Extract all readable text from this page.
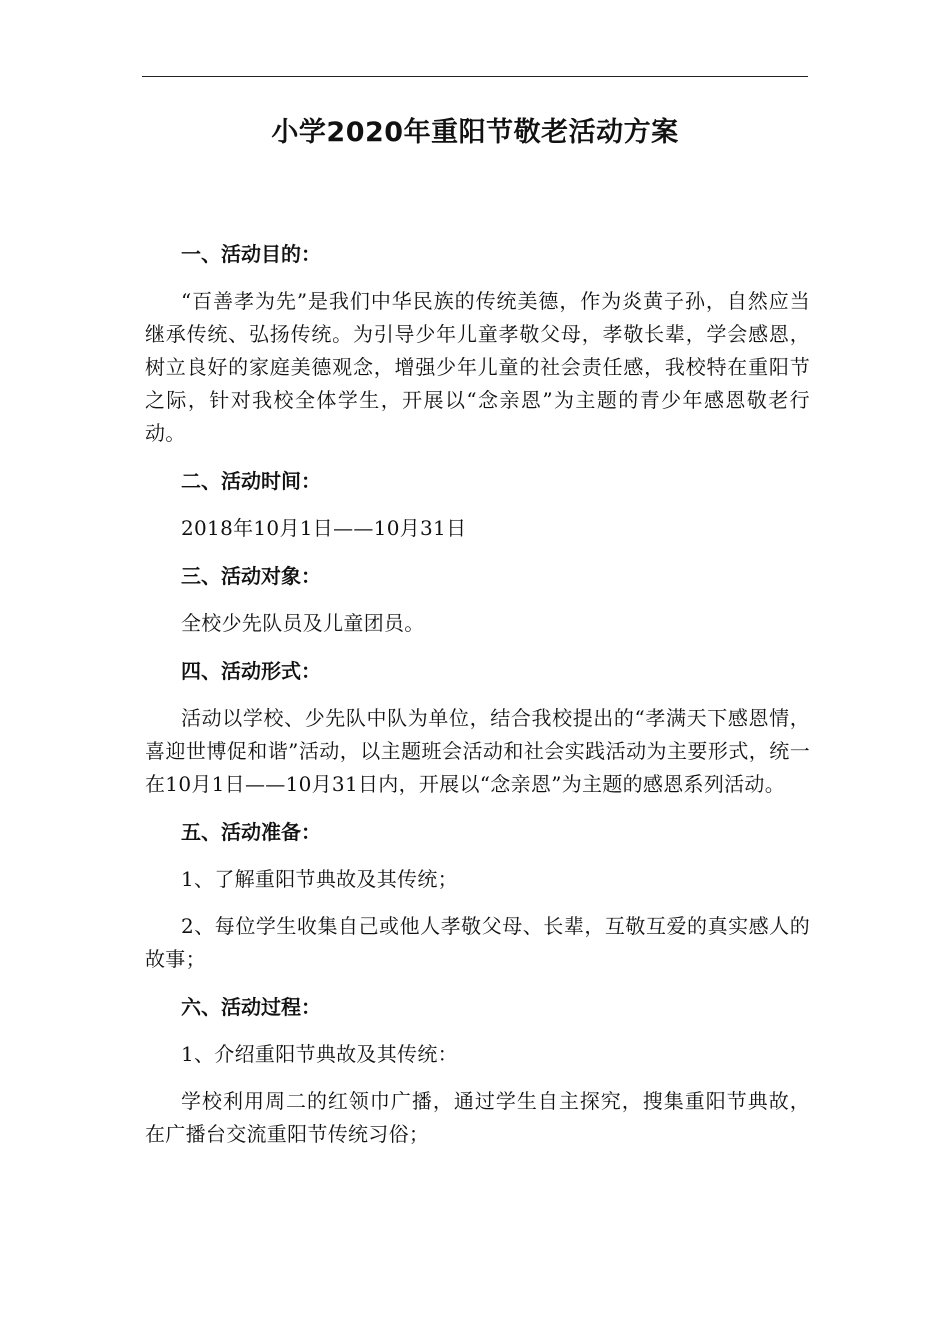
小学2020年重阳节敬老活动方案
一、活动目的：

“百善孝为先”是我们中华民族的传统美德，作为炎黄子孙，自然应当继承传统、弘扬传统。为引导少年儿童孝敬父母，孝敬长辈，学会感恩，树立良好的家庭美德观念，增强少年儿童的社会责任感，我校特在重阳节之际，针对我校全体学生，开展以“念亲恩”为主题的青少年感恩敬老行动。

二、活动时间：

2018年10月1日——10月31日

三、活动对象：

全校少先队员及儿童团员。

四、活动形式：

活动以学校、少先队中队为单位，结合我校提出的“孝满天下感恩情，喜迎世博促和谐”活动，以主题班会活动和社会实践活动为主要形式，统一在10月1日——10月31日内，开展以“念亲恩”为主题的感恩系列活动。

五、活动准备：

1、了解重阳节典故及其传统；

2、每位学生收集自己或他人孝敬父母、长辈，互敬互爱的真实感人的故事；

六、活动过程：

1、介绍重阳节典故及其传统：

学校利用周二的红领巾广播，通过学生自主探究，搜集重阳节典故，在广播台交流重阳节传统习俗；
